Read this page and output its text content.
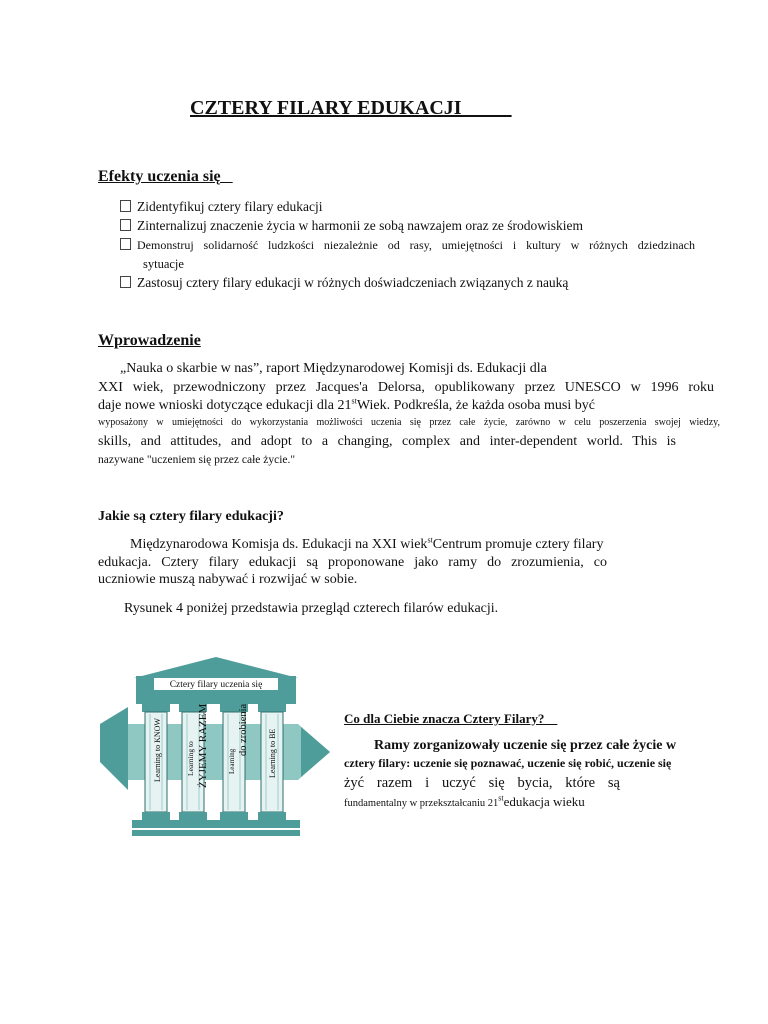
CZTERY FILARY EDUKACJI
Efekty uczenia się
Zidentyfikuj cztery filary edukacji
Zinternalizuj znaczenie życia w harmonii ze sobą nawzajem oraz ze środowiskiem
Demonstruj solidarność ludzkości niezależnie od rasy, umiejętności i kultury w różnych dziedzinach
sytuacje
Zastosuj cztery filary edukacji w różnych doświadczeniach związanych z nauką
Wprowadzenie
„Nauka o skarbie w nas”, raport Międzynarodowej Komisji ds. Edukacji dla
XXI wiek, przewodniczony przez Jacques'a Delorsa, opublikowany przez UNESCO w 1996 roku
daje nowe wnioski dotyczące edukacji dla 21stWiek. Podkreśla, że każda osoba musi być
wyposażony w umiejętności do wykorzystania możliwości uczenia się przez całe życie, zarówno w celu poszerzenia swojej wiedzy,
skills, and attitudes, and adopt to a changing, complex and inter-dependent world. This is
nazywane "uczeniem się przez całe życie."
Jakie są cztery filary edukacji?
Międzynarodowa Komisja ds. Edukacji na XXI wiek$^{st}$Centrum promuje cztery filary
edukacja. Cztery filary edukacji są proponowane jako ramy do zrozumienia, co
uczniowie muszą nabywać i rozwijać w sobie.
Rysunek 4 poniżej przedstawia przegląd czterech filarów edukacji.
Cztery filary uczenia się
Learning to KNOW	Learning to ŻYJEMY RAZEM	Learning
do zrobienia Learning to BE
Co dla Ciebie znacza Cztery Filary?
Ramy zorganizowały uczenie się przez całe życie w
cztery filary: uczenie się poznawać, uczenie się robić, uczenie się
żyć razem i uczyć się bycia, które są
fundamentalny w przekształcaniu 21stedukacja wieku
